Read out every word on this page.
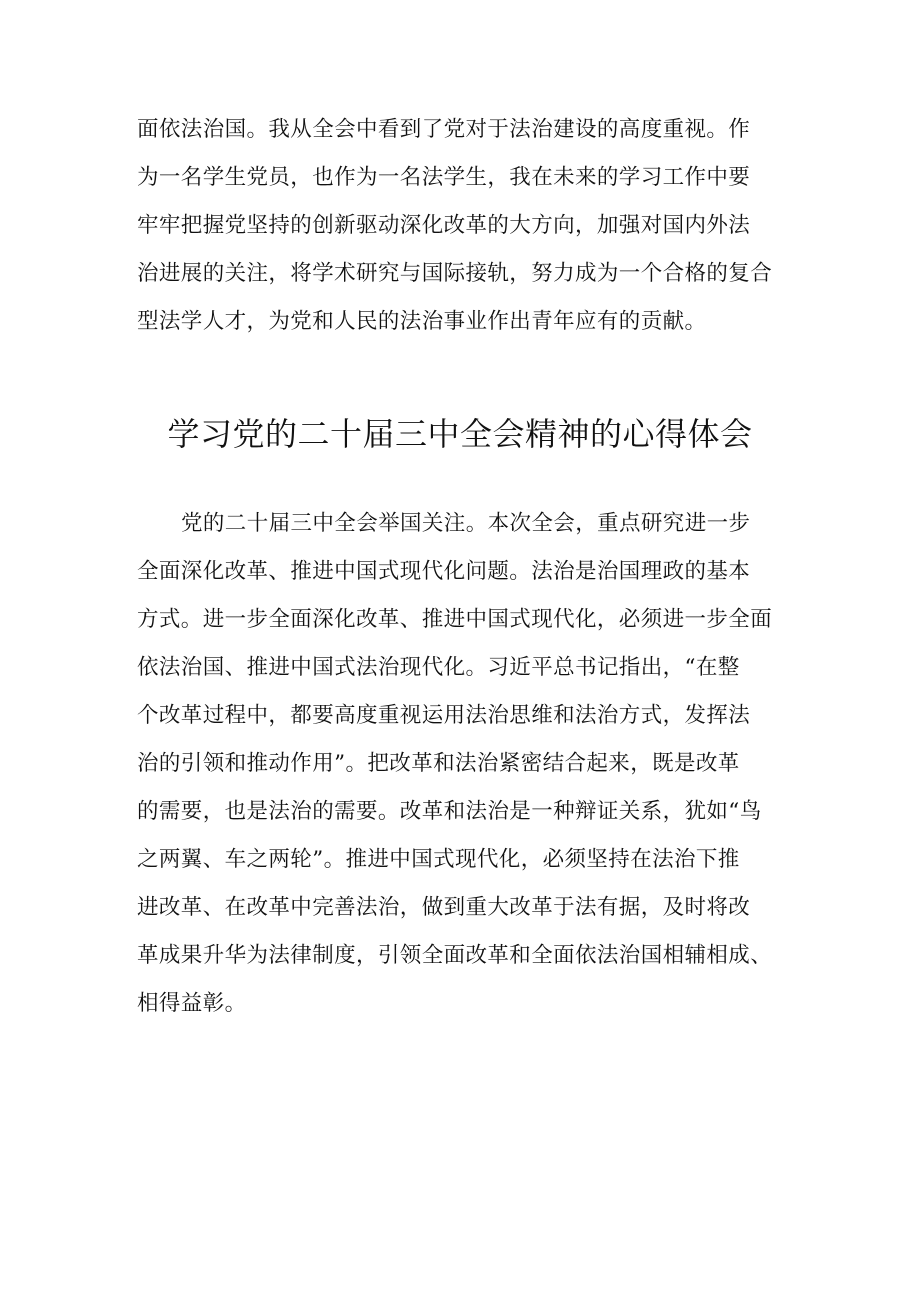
面依法治国。我从全会中看到了党对于法治建设的高度重视。作
为一名学生党员，也作为一名法学生，我在未来的学习工作中要
牢牢把握党坚持的创新驱动深化改革的大方向，加强对国内外法
治进展的关注，将学术研究与国际接轨，努力成为一个合格的复合
型法学人才，为党和人民的法治事业作出青年应有的贡献。
学习党的二十届三中全会精神的心得体会
党的二十届三中全会举国关注。本次全会，重点研究进一步
全面深化改革、推进中国式现代化问题。法治是治国理政的基本
方式。进一步全面深化改革、推进中国式现代化，必须进一步全面
依法治国、推进中国式法治现代化。习近平总书记指出，“在整
个改革过程中，都要高度重视运用法治思维和法治方式，发挥法
治的引领和推动作用”。把改革和法治紧密结合起来，既是改革
的需要，也是法治的需要。改革和法治是一种辩证关系，犹如“鸟
之两翼、车之两轮”。推进中国式现代化，必须坚持在法治下推
进改革、在改革中完善法治，做到重大改革于法有据，及时将改
革成果升华为法律制度，引领全面改革和全面依法治国相辅相成、
相得益彰。
